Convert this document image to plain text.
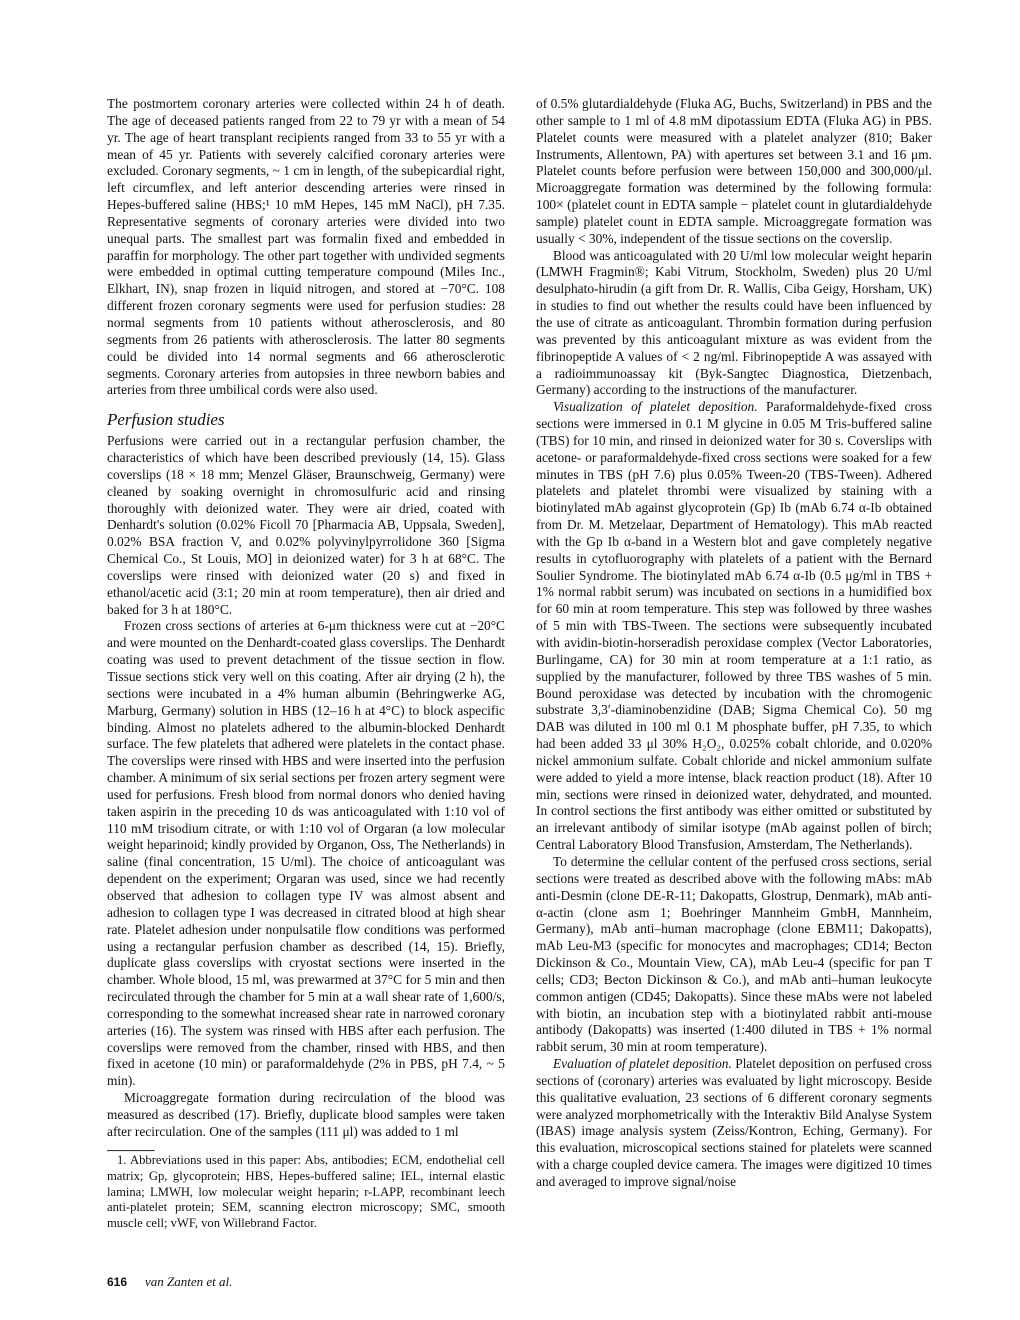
The postmortem coronary arteries were collected within 24 h of death. The age of deceased patients ranged from 22 to 79 yr with a mean of 54 yr. The age of heart transplant recipients ranged from 33 to 55 yr with a mean of 45 yr. Patients with severely calcified coronary arteries were excluded. Coronary segments, ~ 1 cm in length, of the subepicardial right, left circumflex, and left anterior descending arteries were rinsed in Hepes-buffered saline (HBS;¹ 10 mM Hepes, 145 mM NaCl), pH 7.35. Representative segments of coronary arteries were divided into two unequal parts. The smallest part was formalin fixed and embedded in paraffin for morphology. The other part together with undivided segments were embedded in optimal cutting temperature compound (Miles Inc., Elkhart, IN), snap frozen in liquid nitrogen, and stored at −70°C. 108 different frozen coronary segments were used for perfusion studies: 28 normal segments from 10 patients without atherosclerosis, and 80 segments from 26 patients with atherosclerosis. The latter 80 segments could be divided into 14 normal segments and 66 atherosclerotic segments. Coronary arteries from autopsies in three newborn babies and arteries from three umbilical cords were also used.

Perfusion studies

Perfusions were carried out in a rectangular perfusion chamber, the characteristics of which have been described previously (14, 15). Glass coverslips (18 × 18 mm; Menzel Gläser, Braunschweig, Germany) were cleaned by soaking overnight in chromosulfuric acid and rinsing thoroughly with deionized water. They were air dried, coated with Denhardt's solution (0.02% Ficoll 70 [Pharmacia AB, Uppsala, Sweden], 0.02% BSA fraction V, and 0.02% polyvinylpyrrolidone 360 [Sigma Chemical Co., St Louis, MO] in deionized water) for 3 h at 68°C. The coverslips were rinsed with deionized water (20 s) and fixed in ethanol/acetic acid (3:1; 20 min at room temperature), then air dried and baked for 3 h at 180°C.

Frozen cross sections of arteries at 6-μm thickness were cut at −20°C and were mounted on the Denhardt-coated glass coverslips. The Denhardt coating was used to prevent detachment of the tissue section in flow. Tissue sections stick very well on this coating. After air drying (2 h), the sections were incubated in a 4% human albumin (Behringwerke AG, Marburg, Germany) solution in HBS (12–16 h at 4°C) to block aspecific binding. Almost no platelets adhered to the albumin-blocked Denhardt surface. The few platelets that adhered were platelets in the contact phase. The coverslips were rinsed with HBS and were inserted into the perfusion chamber. A minimum of six serial sections per frozen artery segment were used for perfusions. Fresh blood from normal donors who denied having taken aspirin in the preceding 10 ds was anticoagulated with 1:10 vol of 110 mM trisodium citrate, or with 1:10 vol of Orgaran (a low molecular weight heparinoid; kindly provided by Organon, Oss, The Netherlands) in saline (final concentration, 15 U/ml). The choice of anticoagulant was dependent on the experiment; Orgaran was used, since we had recently observed that adhesion to collagen type IV was almost absent and adhesion to collagen type I was decreased in citrated blood at high shear rate. Platelet adhesion under nonpulsatile flow conditions was performed using a rectangular perfusion chamber as described (14, 15). Briefly, duplicate glass coverslips with cryostat sections were inserted in the chamber. Whole blood, 15 ml, was prewarmed at 37°C for 5 min and then recirculated through the chamber for 5 min at a wall shear rate of 1,600/s, corresponding to the somewhat increased shear rate in narrowed coronary arteries (16). The system was rinsed with HBS after each perfusion. The coverslips were removed from the chamber, rinsed with HBS, and then fixed in acetone (10 min) or paraformaldehyde (2% in PBS, pH 7.4, ~ 5 min).

Microaggregate formation during recirculation of the blood was measured as described (17). Briefly, duplicate blood samples were taken after recirculation. One of the samples (111 μl) was added to 1 ml

1. Abbreviations used in this paper: Abs, antibodies; ECM, endothelial cell matrix; Gp, glycoprotein; HBS, Hepes-buffered saline; IEL, internal elastic lamina; LMWH, low molecular weight heparin; r-LAPP, recombinant leech anti-platelet protein; SEM, scanning electron microscopy; SMC, smooth muscle cell; vWF, von Willebrand Factor.

of 0.5% glutardialdehyde (Fluka AG, Buchs, Switzerland) in PBS and the other sample to 1 ml of 4.8 mM dipotassium EDTA (Fluka AG) in PBS. Platelet counts were measured with a platelet analyzer (810; Baker Instruments, Allentown, PA) with apertures set between 3.1 and 16 μm. Platelet counts before perfusion were between 150,000 and 300,000/μl. Microaggregate formation was determined by the following formula: 100× (platelet count in EDTA sample − platelet count in glutardialdehyde sample) platelet count in EDTA sample. Microaggregate formation was usually < 30%, independent of the tissue sections on the coverslip.

Blood was anticoagulated with 20 U/ml low molecular weight heparin (LMWH Fragmin®; Kabi Vitrum, Stockholm, Sweden) plus 20 U/ml desulphato-hirudin (a gift from Dr. R. Wallis, Ciba Geigy, Horsham, UK) in studies to find out whether the results could have been influenced by the use of citrate as anticoagulant. Thrombin formation during perfusion was prevented by this anticoagulant mixture as was evident from the fibrinopeptide A values of < 2 ng/ml. Fibrinopeptide A was assayed with a radioimmunoassay kit (Byk-Sangtec Diagnostica, Dietzenbach, Germany) according to the instructions of the manufacturer.

Visualization of platelet deposition. Paraformaldehyde-fixed cross sections were immersed in 0.1 M glycine in 0.05 M Tris-buffered saline (TBS) for 10 min, and rinsed in deionized water for 30 s. Coverslips with acetone- or paraformaldehyde-fixed cross sections were soaked for a few minutes in TBS (pH 7.6) plus 0.05% Tween-20 (TBS-Tween). Adhered platelets and platelet thrombi were visualized by staining with a biotinylated mAb against glycoprotein (Gp) Ib (mAb 6.74 α-Ib obtained from Dr. M. Metzelaar, Department of Hematology). This mAb reacted with the Gp Ib α-band in a Western blot and gave completely negative results in cytofluorography with platelets of a patient with the Bernard Soulier Syndrome. The biotinylated mAb 6.74 α-Ib (0.5 μg/ml in TBS + 1% normal rabbit serum) was incubated on sections in a humidified box for 60 min at room temperature. This step was followed by three washes of 5 min with TBS-Tween. The sections were subsequently incubated with avidin-biotin-horseradish peroxidase complex (Vector Laboratories, Burlingame, CA) for 30 min at room temperature at a 1:1 ratio, as supplied by the manufacturer, followed by three TBS washes of 5 min. Bound peroxidase was detected by incubation with the chromogenic substrate 3,3′-diaminobenzidine (DAB; Sigma Chemical Co). 50 mg DAB was diluted in 100 ml 0.1 M phosphate buffer, pH 7.35, to which had been added 33 μl 30% H₂O₂, 0.025% cobalt chloride, and 0.020% nickel ammonium sulfate. Cobalt chloride and nickel ammonium sulfate were added to yield a more intense, black reaction product (18). After 10 min, sections were rinsed in deionized water, dehydrated, and mounted. In control sections the first antibody was either omitted or substituted by an irrelevant antibody of similar isotype (mAb against pollen of birch; Central Laboratory Blood Transfusion, Amsterdam, The Netherlands).

To determine the cellular content of the perfused cross sections, serial sections were treated as described above with the following mAbs: mAb anti-Desmin (clone DE-R-11; Dakopatts, Glostrup, Denmark), mAb anti-α-actin (clone asm 1; Boehringer Mannheim GmbH, Mannheim, Germany), mAb anti–human macrophage (clone EBM11; Dakopatts), mAb Leu-M3 (specific for monocytes and macrophages; CD14; Becton Dickinson & Co., Mountain View, CA), mAb Leu-4 (specific for pan T cells; CD3; Becton Dickinson & Co.), and mAb anti–human leukocyte common antigen (CD45; Dakopatts). Since these mAbs were not labeled with biotin, an incubation step with a biotinylated rabbit anti-mouse antibody (Dakopatts) was inserted (1:400 diluted in TBS + 1% normal rabbit serum, 30 min at room temperature).

Evaluation of platelet deposition. Platelet deposition on perfused cross sections of (coronary) arteries was evaluated by light microscopy. Beside this qualitative evaluation, 23 sections of 6 different coronary segments were analyzed morphometrically with the Interaktiv Bild Analyse System (IBAS) image analysis system (Zeiss/Kontron, Eching, Germany). For this evaluation, microscopical sections stained for platelets were scanned with a charge coupled device camera. The images were digitized 10 times and averaged to improve signal/noise

616 van Zanten et al.
